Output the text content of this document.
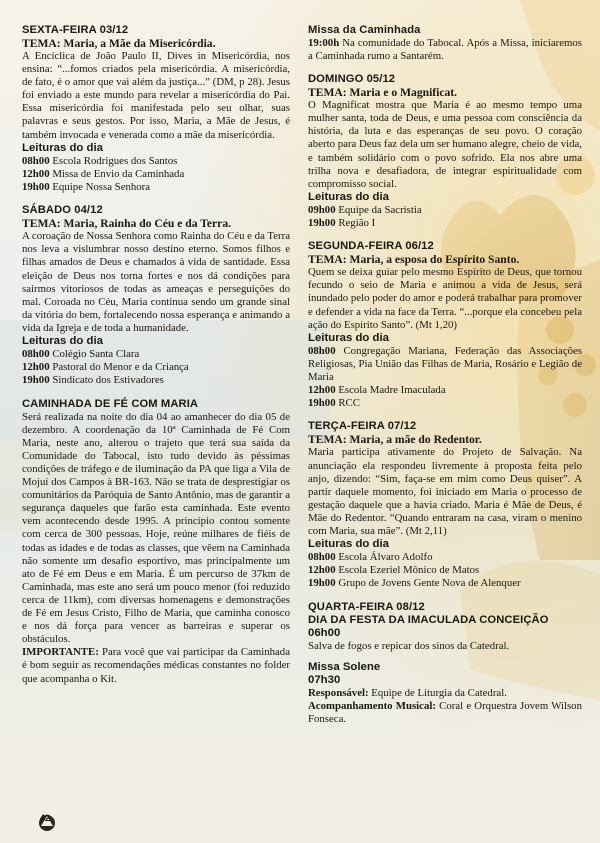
SEXTA-FEIRA 03/12
TEMA: Maria, a Mãe da Misericórdia.

A Encíclica de João Paulo II, Dives in Misericórdia, nos ensina: “...fomos criados pela misericórdia. A misericórdia, de fato, é o amor que vai além da justiça...” (DM, p 28). Jesus foi enviado a este mundo para revelar a misericórdia do Pai. Essa misericórdia foi manifestada pelo seu olhar, suas palavras e seus gestos. Por isso, Maria, a Mãe de Jesus, é também invocada e venerada como a mãe da misericórdia.

Leituras do dia
08h00 Escola Rodrigues dos Santos
12h00 Missa de Envio da Caminhada
19h00 Equipe Nossa Senhora
SÁBADO 04/12
TEMA: Maria, Rainha do Céu e da Terra.

A coroação de Nossa Senhora como Rainha do Céu e da Terra nos leva a vislumbrar nosso destino eterno. Somos filhos e filhas amados de Deus e chamados à vida de santidade. Essa eleição de Deus nos torna fortes e nos dá condições para sairmos vitoriosos de todas as ameaças e perseguições do mal. Coroada no Céu, Maria continua sendo um grande sinal da vitória do bem, fortalecendo nossa esperança e animando a vida da Igreja e de toda a humanidade.

Leituras do dia
08h00 Colégio Santa Clara
12h00 Pastoral do Menor e da Criança
19h00 Sindicato dos Estivadores
CAMINHADA DE FÉ COM MARIA

Será realizada na noite do dia 04 ao amanhecer do dia 05 de dezembro. A coordenação da 10ª Caminhada de Fé Com Maria, neste ano, alterou o trajeto que terá sua saída da Comunidade do Tabocal, isto tudo devido às péssimas condições de tráfego e de iluminação da PA que liga a Vila de Mojuí dos Campos à BR-163. Não se trata de desprestigiar os comunitários da Paróquia de Santo Antônio, mas de garantir a segurança daqueles que farão esta caminhada. Este evento vem acontecendo desde 1995. A princípio contou somente com cerca de 300 pessoas. Hoje, reúne milhares de fiéis de todas as idades e de todas as classes, que vêem na Caminhada não somente um desafio esportivo, mas principalmente um ato de Fé em Deus e em Maria. É um percurso de 37km de Caminhada, mas este ano será um pouco menor (foi reduzido cerca de 11km), com diversas homenagens e demonstrações de Fé em Jesus Cristo, Filho de Maria, que caminha conosco e nos dá força para vencer as barreiras e superar os obstáculos.

IMPORTANTE: Para você que vai participar da Caminhada é bom seguir as recomendações médicas constantes no folder que acompanha o Kit.

Missa da Caminhada

19:00h Na comunidade do Tabocal. Após a Missa, iniciaremos a Caminhada rumo a Santarém.

DOMINGO 05/12
TEMA: Maria e o Magnificat.

O Magnificat mostra que Maria é ao mesmo tempo uma mulher santa, toda de Deus, e uma pessoa com consciência da história, da luta e das esperanças de seu povo. O coração aberto para Deus faz dela um ser humano alegre, cheio de vida, e também solidário com o povo sofrido. Ela nos abre uma trilha nova e desafiadora, de integrar espiritualidade com compromisso social.

Leituras do dia
09h00 Equipe da Sacristia
19h00 Região I
SEGUNDA-FEIRA 06/12
TEMA: Maria, a esposa do Espírito Santo.

Quem se deixa guiar pelo mesmo Espírito de Deus, que tornou fecundo o seio de Maria e animou a vida de Jesus, será inundado pelo poder do amor e poderá trabalhar para promover e defender a vida na face da Terra. “...porque ela concebeu pela ação do Espírito Santo”. (Mt 1,20)

Leituras do dia

08h00 Congregação Mariana, Federação das Associações Religiosas, Pia União das Filhas de Maria, Rosário e Legião de Maria

12h00 Escola Madre Imaculada
19h00 RCC
TERÇA-FEIRA 07/12
TEMA: Maria, a mãe do Redentor.

Maria participa ativamente do Projeto de Salvação. Na anunciação ela respondeu livremente à proposta feita pelo anjo, dizendo: “Sim, faça-se em mim como Deus quiser”. A partir daquele momento, foi iniciado em Maria o processo de gestação daquele que a havia criado. Maria é Mãe de Deus, é Mãe do Redentor. “Quando entraram na casa, viram o menino com Maria, sua mãe”. (Mt 2,11)

Leituras do dia
08h00 Escola Álvaro Adolfo
12h00 Escola Ezeriel Mônico de Matos
19h00 Grupo de Jovens Gente Nova de Alenquer
QUARTA-FEIRA 08/12
DIA DA FESTA DA IMACULADA CONCEIÇÃO
06h00
Salva de fogos e repicar dos sinos da Catedral.
Missa Solene
07h30

Responsável: Equipe de Liturgia da Catedral.

Acompanhamento Musical: Coral e Orquestra Jovem Wilson Fonseca.

42
